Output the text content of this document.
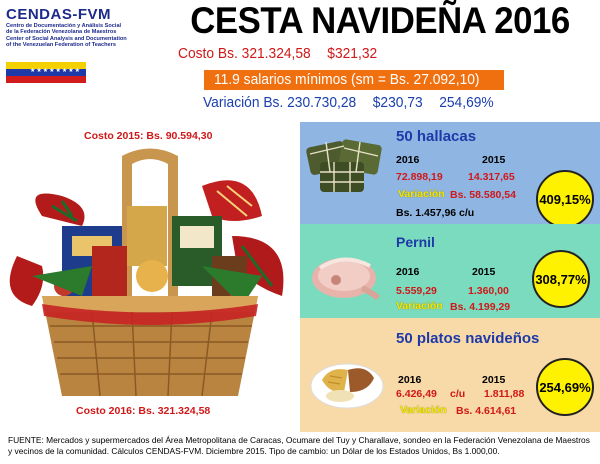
CENDAS-FVM
Centro de Documentación y Análisis Social
de la Federación Venezolana de Maestros
Center of Social Analysis and Documentation
of the Venezuelan Federation of Teachers
★★★★★★★★
CESTA NAVIDEÑA 2016
Costo Bs. 321.324,58 $321,32
11.9 salarios mínimos (sm = Bs. 27.092,10)
Variación Bs. 230.730,28 $230,73 254,69%
Costo 2015: Bs. 90.594,30
Costo 2016: Bs. 321.324,58
50 hallacas
2016	2015
72.898,19 14.317,65
Variación Bs. 58.580,54
Bs. 1.457,96 c/u
409,15%
Pernil
2016	2015
5.559,29	1.360,00
Variación Bs. 4.199,29
308,77%
50 platos navideños
2016	2015
6.426,49 c/u 1.811,88
Variación Bs. 4.614,61
254,69%
FUENTE: Mercados y supermercados del Área Metropolitana de Caracas, Ocumare del Tuy y Charallave, sondeo en la Federación Venezolana de Maestros
y vecinos de la comunidad. Cálculos CENDAS-FVM. Diciembre 2015. Tipo de cambio: un Dólar de los Estados Unidos, Bs 1.000,00.
